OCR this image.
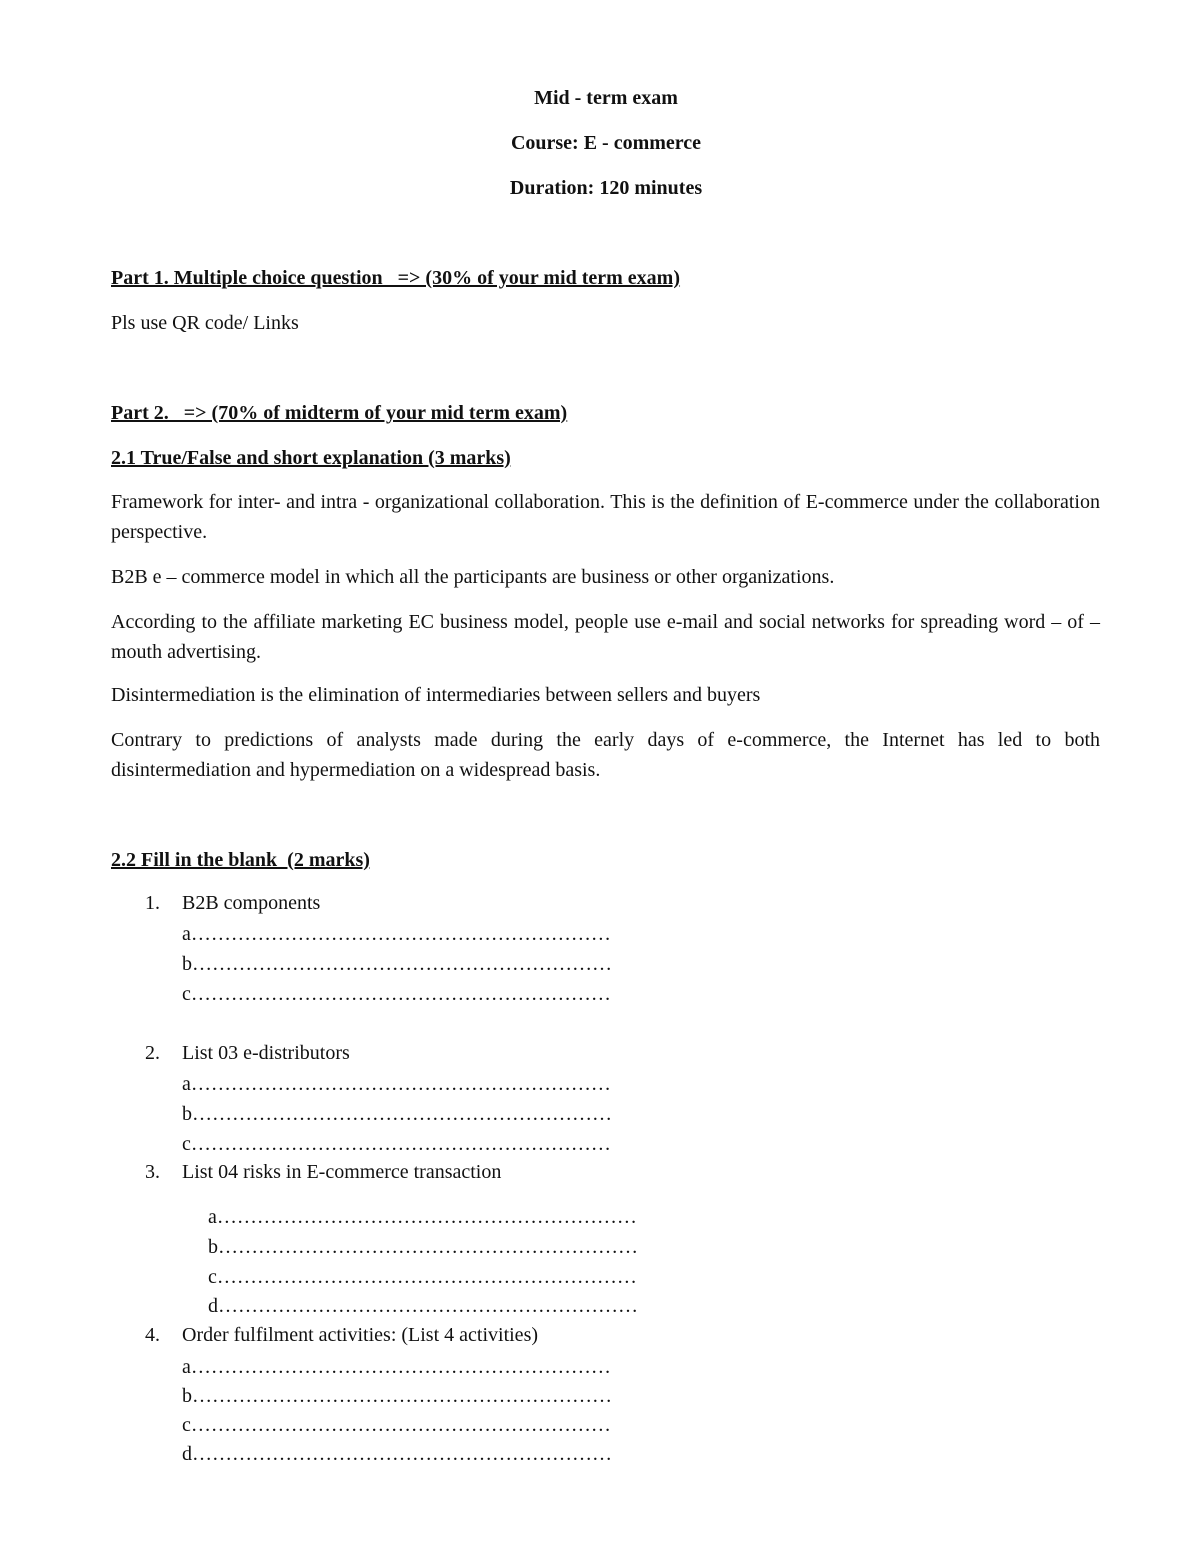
Mid - term exam
Course: E - commerce
Duration: 120 minutes
Part 1. Multiple choice question   => (30% of your mid term exam)
Pls use QR code/ Links
Part 2.   => (70% of midterm of your mid term exam)
2.1 True/False and short explanation (3 marks)

Framework for inter- and intra - organizational collaboration. This is the definition of E-commerce under the collaboration perspective.

B2B e – commerce model in which all the participants are business or other organizations.

According to the affiliate marketing EC business model, people use e-mail and social networks for spreading word – of – mouth advertising.

Disintermediation is the elimination of intermediaries between sellers and buyers

Contrary to predictions of analysts made during the early days of e-commerce, the Internet has led to both disintermediation and hypermediation on a widespread basis.

2.2 Fill in the blank  (2 marks)
1. B2B components
a………………………………………………………
b………………………………………………………
c………………………………………………………
2. List 03 e-distributors
a………………………………………………………
b………………………………………………………
c………………………………………………………
3. List 04 risks in E-commerce transaction
a………………………………………………………
b………………………………………………………
c………………………………………………………
d………………………………………………………
4. Order fulfilment activities: (List 4 activities)
a………………………………………………………
b………………………………………………………
c………………………………………………………
d………………………………………………………
